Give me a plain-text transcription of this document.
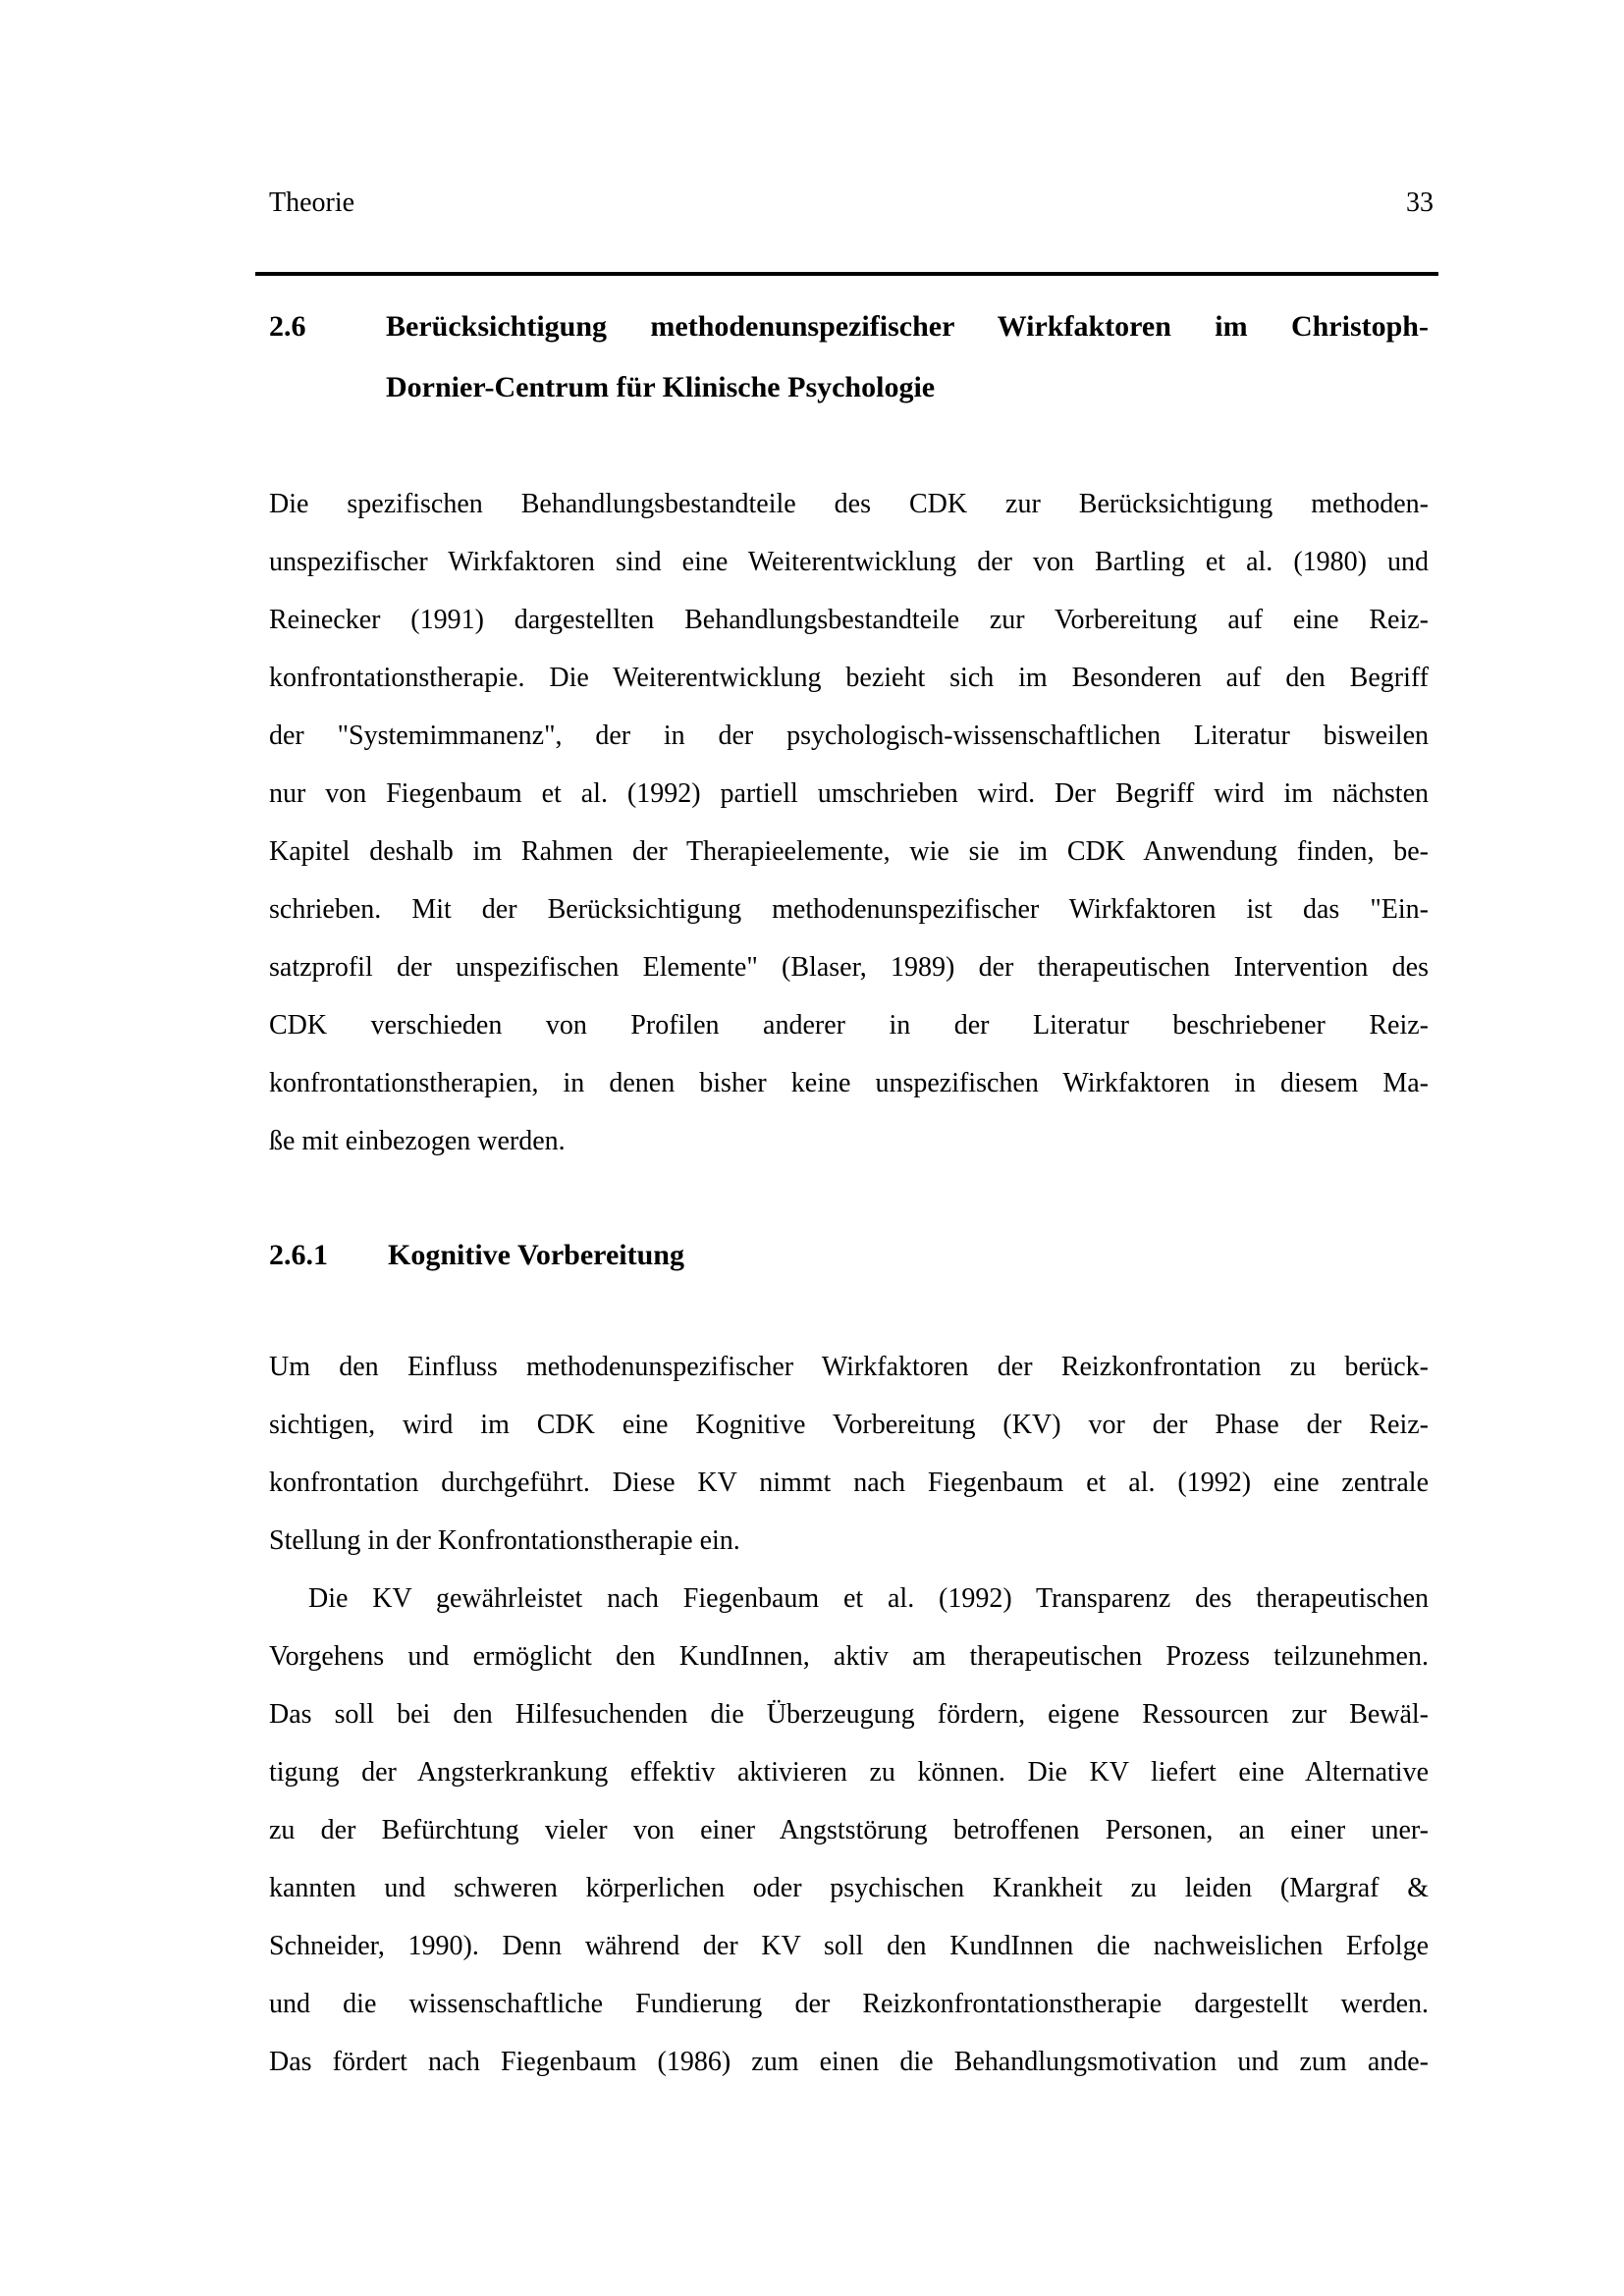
Theorie	33
2.6	Berücksichtigung methodenunspezifischer Wirkfaktoren im Christoph-
Dornier-Centrum für Klinische Psychologie
Die spezifischen Behandlungsbestandteile des CDK zur Berücksichtigung methoden-
unspezifischer Wirkfaktoren sind eine Weiterentwicklung der von Bartling et al. (1980) und
Reinecker (1991) dargestellten Behandlungsbestandteile zur Vorbereitung auf eine Reiz-
konfrontationstherapie. Die Weiterentwicklung bezieht sich im Besonderen auf den Begriff
der "Systemimmanenz", der in der psychologisch-wissenschaftlichen Literatur bisweilen
nur von Fiegenbaum et al. (1992) partiell umschrieben wird. Der Begriff wird im nächsten
Kapitel deshalb im Rahmen der Therapieelemente, wie sie im CDK Anwendung finden, be-
schrieben. Mit der Berücksichtigung methodenunspezifischer Wirkfaktoren ist das "Ein-
satzprofil der unspezifischen Elemente" (Blaser, 1989) der therapeutischen Intervention des
CDK verschieden von Profilen anderer in der Literatur beschriebener Reiz-
konfrontationstherapien, in denen bisher keine unspezifischen Wirkfaktoren in diesem Ma-
ße mit einbezogen werden.
2.6.1	Kognitive Vorbereitung
Um den Einfluss methodenunspezifischer Wirkfaktoren der Reizkonfrontation zu berück-
sichtigen, wird im CDK eine Kognitive Vorbereitung (KV) vor der Phase der Reiz-
konfrontation durchgeführt. Diese KV nimmt nach Fiegenbaum et al. (1992) eine zentrale
Stellung in der Konfrontationstherapie ein.
Die KV gewährleistet nach Fiegenbaum et al. (1992) Transparenz des therapeutischen
Vorgehens und ermöglicht den KundInnen, aktiv am therapeutischen Prozess teilzunehmen.
Das soll bei den Hilfesuchenden die Überzeugung fördern, eigene Ressourcen zur Bewäl-
tigung der Angsterkrankung effektiv aktivieren zu können. Die KV liefert eine Alternative
zu der Befürchtung vieler von einer Angststörung betroffenen Personen, an einer uner-
kannten und schweren körperlichen oder psychischen Krankheit zu leiden (Margraf &
Schneider, 1990). Denn während der KV soll den KundInnen die nachweislichen Erfolge
und die wissenschaftliche Fundierung der Reizkonfrontationstherapie dargestellt werden.
Das fördert nach Fiegenbaum (1986) zum einen die Behandlungsmotivation und zum ande-
